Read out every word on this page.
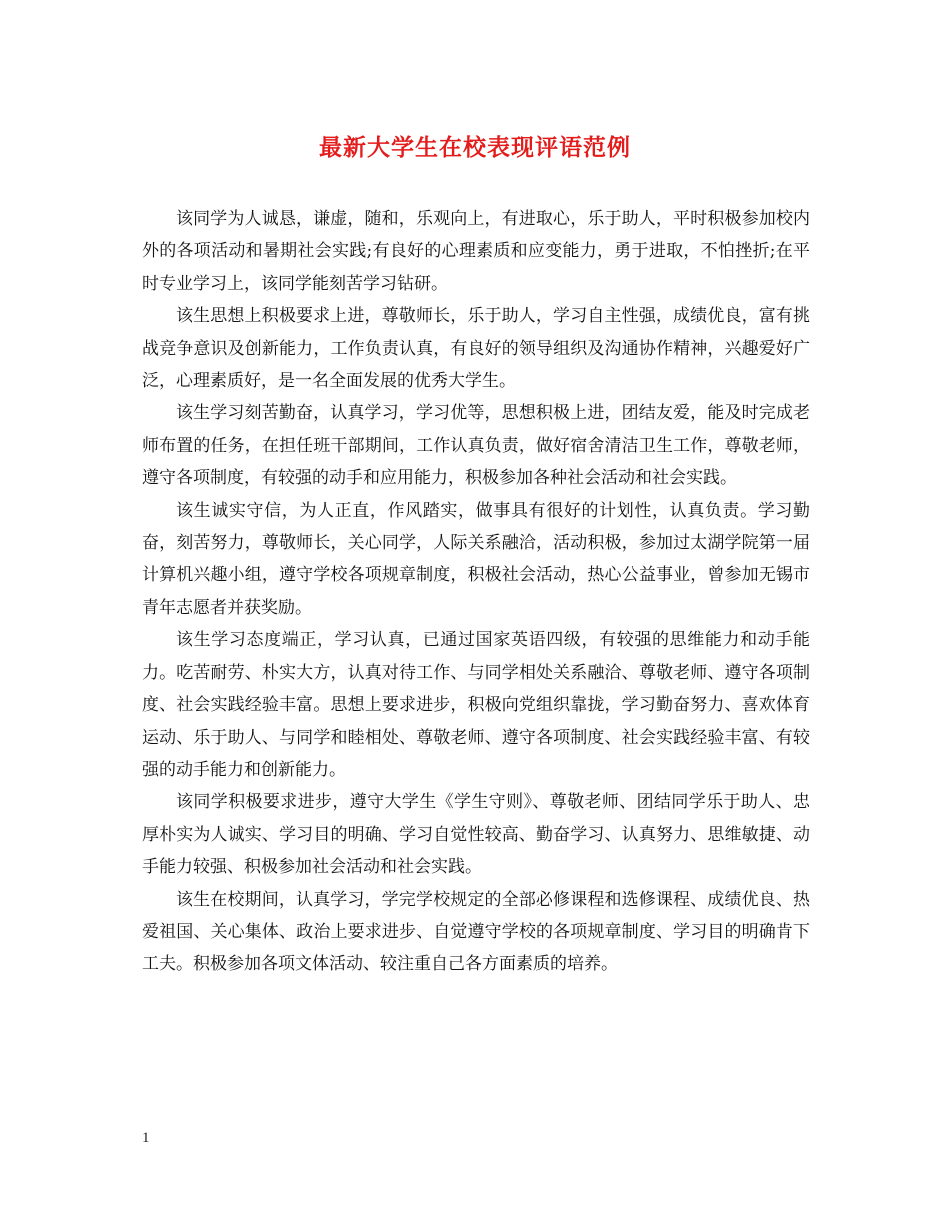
最新大学生在校表现评语范例

该同学为人诚恳，谦虚，随和，乐观向上，有进取心，乐于助人，平时积极参加校内外的各项活动和暑期社会实践;有良好的心理素质和应变能力，勇于进取，不怕挫折;在平时专业学习上，该同学能刻苦学习钻研。

该生思想上积极要求上进，尊敬师长，乐于助人，学习自主性强，成绩优良，富有挑战竞争意识及创新能力，工作负责认真，有良好的领导组织及沟通协作精神，兴趣爱好广泛，心理素质好，是一名全面发展的优秀大学生。

该生学习刻苦勤奋，认真学习，学习优等，思想积极上进，团结友爱，能及时完成老师布置的任务，在担任班干部期间，工作认真负责，做好宿舍清洁卫生工作，尊敬老师，遵守各项制度，有较强的动手和应用能力，积极参加各种社会活动和社会实践。

该生诚实守信，为人正直，作风踏实，做事具有很好的计划性，认真负责。学习勤奋，刻苦努力，尊敬师长，关心同学，人际关系融洽，活动积极，参加过太湖学院第一届计算机兴趣小组，遵守学校各项规章制度，积极社会活动，热心公益事业，曾参加无锡市青年志愿者并获奖励。

该生学习态度端正，学习认真，已通过国家英语四级，有较强的思维能力和动手能力。吃苦耐劳、朴实大方，认真对待工作、与同学相处关系融洽、尊敬老师、遵守各项制度、社会实践经验丰富。思想上要求进步，积极向党组织靠拢，学习勤奋努力、喜欢体育运动、乐于助人、与同学和睦相处、尊敬老师、遵守各项制度、社会实践经验丰富、有较强的动手能力和创新能力。

该同学积极要求进步，遵守大学生《学生守则》、尊敬老师、团结同学乐于助人、忠厚朴实为人诚实、学习目的明确、学习自觉性较高、勤奋学习、认真努力、思维敏捷、动手能力较强、积极参加社会活动和社会实践。

该生在校期间，认真学习，学完学校规定的全部必修课程和选修课程、成绩优良、热爱祖国、关心集体、政治上要求进步、自觉遵守学校的各项规章制度、学习目的明确肯下工夫。积极参加各项文体活动、较注重自己各方面素质的培养。

1
